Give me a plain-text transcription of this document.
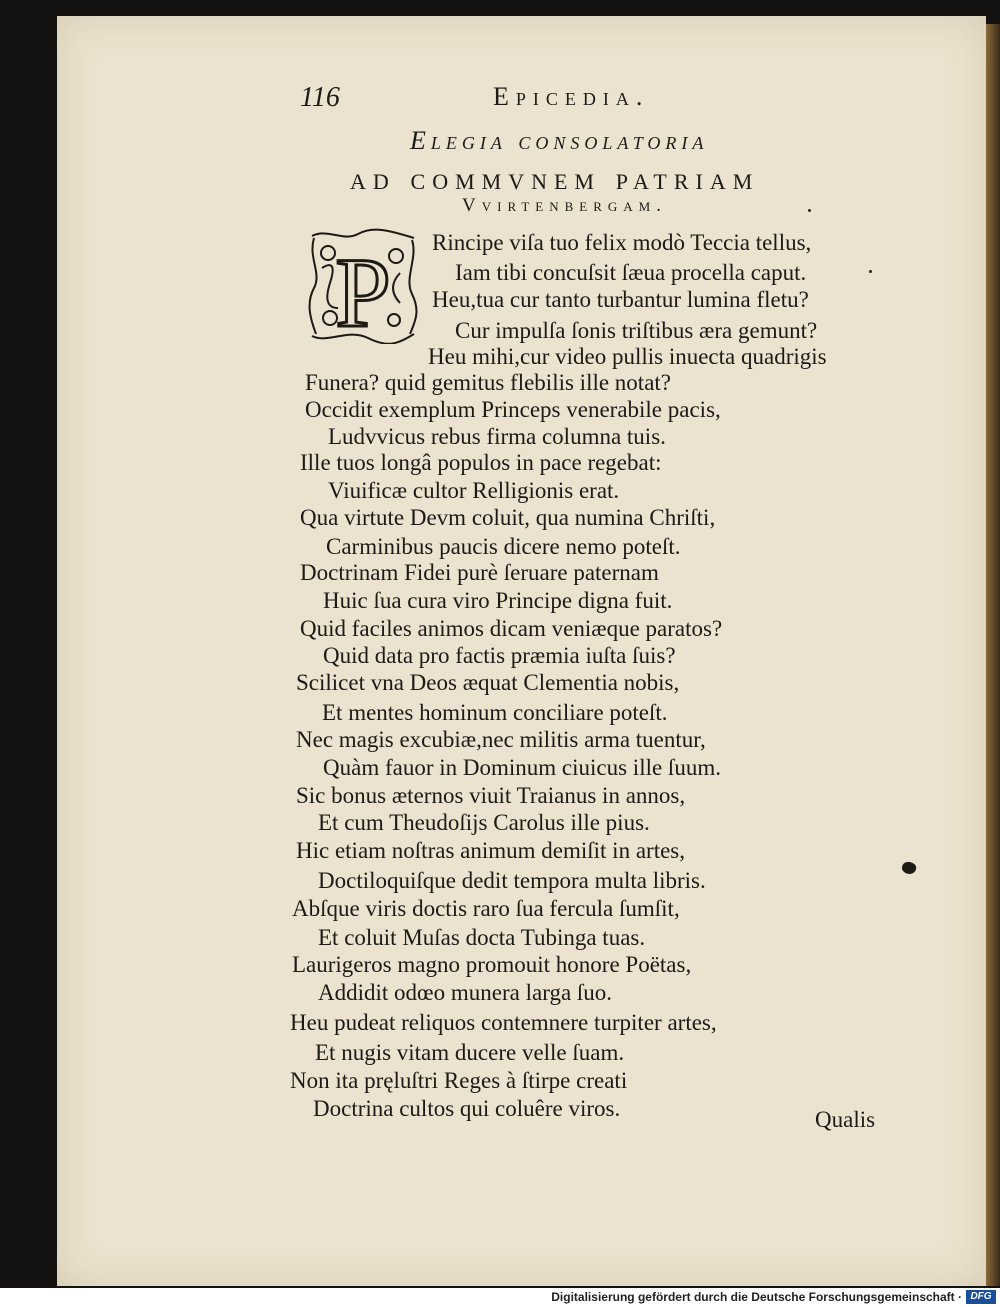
116	Epicedia.
Elegia consolatoria
ad commvnem patriam
Vvirtenbergam.
P Rincipe viſa tuo felix modò Teccia tellus,
Iam tibi concuſsit ſæua procella caput.
Heu,tua cur tanto turbantur lumina fletu?
Cur impulſa ſonis triſtibus æra gemunt?
Heu mihi,cur video pullis inuecta quadrigis
Funera? quid gemitus flebilis ille notat?
Occidit exemplum Princeps venerabile pacis,
Ludvvicus rebus firma columna tuis.
Ille tuos longâ populos in pace regebat:
Viuificæ cultor Relligionis erat.
Qua virtute Devm coluit, qua numina Chriſti,
Carminibus paucis dicere nemo poteſt.
Doctrinam Fidei purè ſeruare paternam
Huic ſua cura viro Principe digna fuit.
Quid faciles animos dicam veniæque paratos?
Quid data pro factis præmia iuſta ſuis?
Scilicet vna Deos æquat Clementia nobis,
Et mentes hominum conciliare poteſt.
Nec magis excubiæ,nec militis arma tuentur,
Quàm fauor in Dominum ciuicus ille ſuum.
Sic bonus æternos viuit Traianus in annos,
Et cum Theudoſijs Carolus ille pius.
Hic etiam noſtras animum demiſit in artes,
Doctiloquiſque dedit tempora multa libris.
Abſque viris doctis raro ſua fercula ſumſit,
Et coluit Muſas docta Tubinga tuas.
Laurigeros magno promouit honore Poëtas,
Addidit odœo munera larga ſuo.
Heu pudeat reliquos contemnere turpiter artes,
Et nugis vitam ducere velle ſuam.
Non ita pręluſtri Reges à ſtirpe creati
Doctrina cultos qui coluêre viros.	Qualis
Digitalisierung gefördert durch die Deutsche Forschungsgemeinschaft · DFG
